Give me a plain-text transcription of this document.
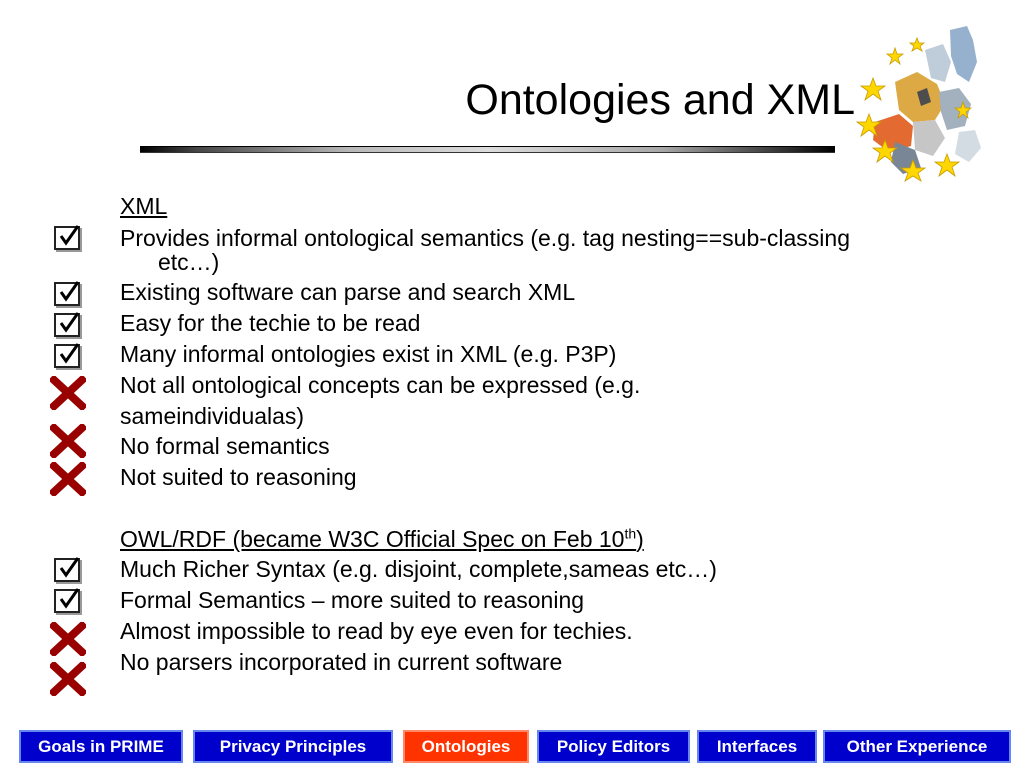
Ontologies and XML
XML
Provides informal ontological semantics (e.g. tag nesting==sub-classing
etc…)
Existing software can parse and search XML
Easy for the techie to be read
Many informal ontologies exist in XML (e.g. P3P)
Not all ontological concepts can be expressed (e.g.
sameindividualas)
No formal semantics
Not suited to reasoning
OWL/RDF (became W3C Official Spec on Feb 10th)
Much Richer Syntax (e.g. disjoint, complete,sameas etc…)
Formal Semantics – more suited to reasoning
Almost impossible to read by eye even for techies.
No parsers incorporated in current software
Goals in PRIME	Privacy Principles	Ontologies	Policy Editors	Interfaces	Other Experience
